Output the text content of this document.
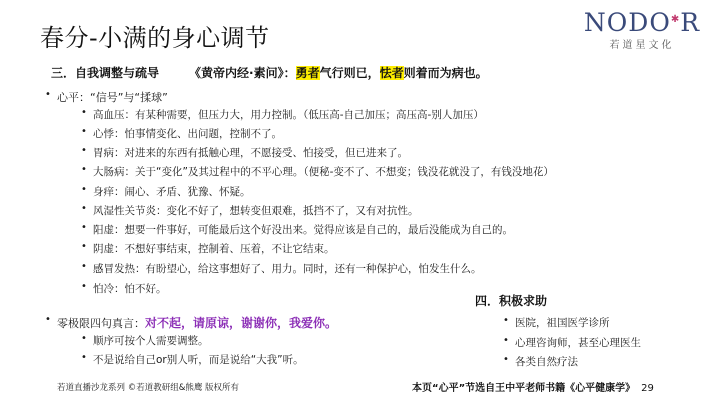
春分-小满的身心调节
NODO✱R
若道星文化
三．自我调整与疏导	《黄帝内经·素问》：勇者气行则已，怯者则着而为病也。
• 心平：“信号”与“揉球”
• 高血压：有某种需要，但压力大，用力控制。（低压高-自己加压；高压高-别人加压）
• 心悸：怕事情变化、出问题，控制不了。
• 胃病：对进来的东西有抵触心理，不愿接受、怕接受，但已进来了。
• 大肠病：关于“变化”及其过程中的不平心理。（便秘-变不了、不想变；钱没花就没了，有钱没地花）
• 身痒：闹心、矛盾、犹豫、怀疑。
• 风湿性关节炎：变化不好了，想转变但艰难，抵挡不了，又有对抗性。
• 阳虚：想要一件事好，可能最后这个好没出来。觉得应该是自己的，最后没能成为自己的。
• 阴虚：不想好事结束，控制着、压着，不让它结束。
• 感冒发热：有盼望心，给这事想好了、用力。同时，还有一种保护心，怕发生什么。
• 怕冷：怕不好。
• 零极限四句真言：对不起，请原谅，谢谢你，我爱你。
• 顺序可按个人需要调整。
• 不是说给自己or别人听，而是说给“大我”听。
四．积极求助
• 医院，祖国医学诊所
• 心理咨询师，甚至心理医生
• 各类自然疗法
若道直播沙龙系列 ©若道教研组&熊鹰 版权所有	本页“心平”节选自王中平老师书籍《心平健康学》 29
